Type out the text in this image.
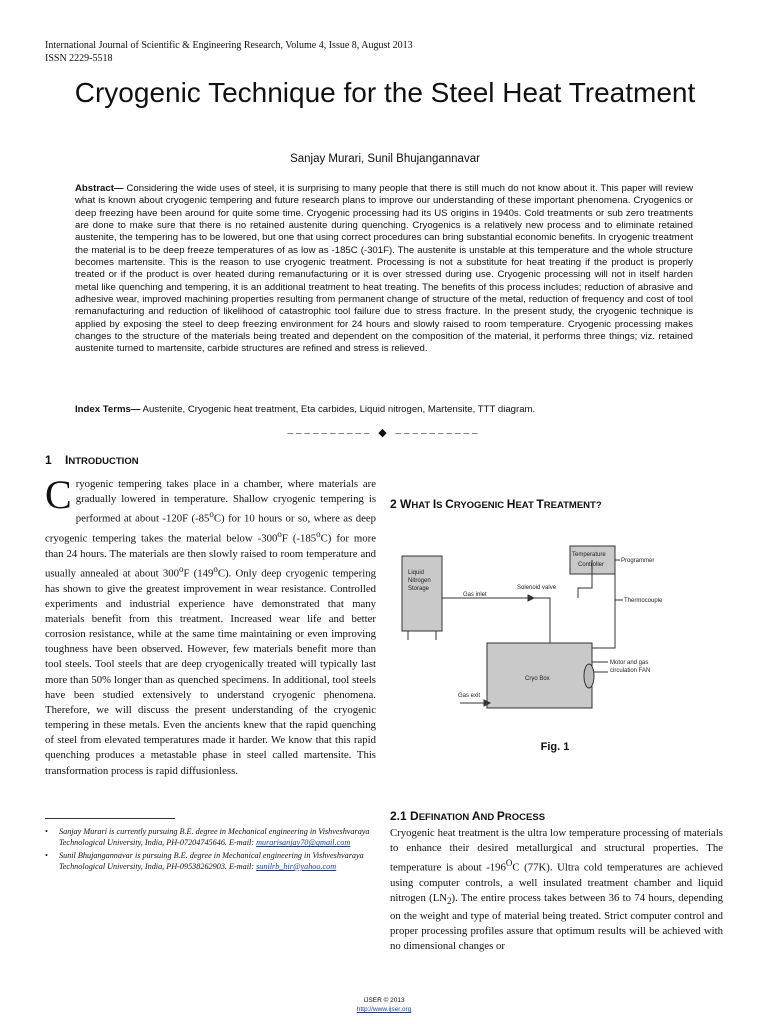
International Journal of Scientific & Engineering Research, Volume 4, Issue 8, August 2013
ISSN 2229-5518
Cryogenic Technique for the Steel Heat Treatment
Sanjay Murari, Sunil Bhujangannavar

Abstract— Considering the wide uses of steel, it is surprising to many people that there is still much do not know about it. This paper will review what is known about cryogenic tempering and future research plans to improve our understanding of these important phenomena. Cryogenics or deep freezing have been around for quite some time. Cryogenic processing had its US origins in 1940s. Cold treatments or sub zero treatments are done to make sure that there is no retained austenite during quenching. Cryogenics is a relatively new process and to eliminate retained austenite, the tempering has to be lowered, but one that using correct procedures can bring substantial economic benefits. In cryogenic treatment the material is to be deep freeze temperatures of as low as -185C (-301F). The austenite is unstable at this temperature and the whole structure becomes martensite. This is the reason to use cryogenic treatment. Processing is not a substitute for heat treating if the product is properly treated or if the product is over heated during remanufacturing or it is over stressed during use. Cryogenic processing will not in itself harden metal like quenching and tempering, it is an additional treatment to heat treating. The benefits of this process includes; reduction of abrasive and adhesive wear, improved machining properties resulting from permanent change of structure of the metal, reduction of frequency and cost of tool remanufacturing and reduction of likelihood of catastrophic tool failure due to stress fracture. In the present study, the cryogenic technique is applied by exposing the steel to deep freezing environment for 24 hours and slowly raised to room temperature. Cryogenic processing makes changes to the structure of the materials being treated and dependent on the composition of the material, it performs three things; viz. retained austenite turned to martensite, carbide structures are refined and stress is relieved.

Index Terms— Austenite, Cryogenic heat treatment, Eta carbides, Liquid nitrogen, Martensite, TTT diagram.

–––––––––– ◆ ––––––––––
1 INTRODUCTION

Cryogenic tempering takes place in a chamber, where materials are gradually lowered in temperature. Shallow cryogenic tempering is performed at about -120F (-85$^o$C) for 10 hours or so, where as deep cryogenic tempering takes the material below -300$^o$F (-185$^o$C) for more than 24 hours. The materials are then slowly raised to room temperature and usually annealed at about 300$^o$F (149$^o$C). Only deep cryogenic tempering has shown to give the greatest improvement in wear resistance. Controlled experiments and industrial experience have demonstrated that many materials benefit from this treatment. Increased wear life and better corrosion resistance, while at the same time maintaining or even improving toughness have been observed. However, few materials benefit more than tool steels. Tool steels that are deep cryogenically treated will typically last more than 50% longer than as quenched specimens. In additional, tool steels have been studied extensively to understand cryogenic phenomena. Therefore, we will discuss the present understanding of the cryogenic tempering in these metals. Even the ancients knew that the rapid quenching of steel from elevated temperatures made it harder. We know that this rapid quenching produces a metastable phase in steel called martensite. This transformation process is rapid diffusionless.

• Sanjay Murari is currently pursuing B.E. degree in Mechanical engineering in Vishveshvaraya Technological University, India, PH-07204745646. E-mail: murarisanjay70@gmail.com
• Sunil Bhujangannavar is pursuing B.E. degree in Mechanical engineering in Vishveshvaraya Technological University, India, PH-09538262903. E-mail: sunilrb_hir@yahoo.com
2 WHAT IS CRYOGENIC HEAT TREATMENT?
Liquid
Nitrogen
Storage
Temperature
Controller
Programmer
Gas inlet
Solenoid valve
Thermocouple
Motor and gas
circulation FAN
Cryo Box
Gas exit
Fig. 1
2.1 DEFINATION AND PROCESS

Cryogenic heat treatment is the ultra low temperature processing of materials to enhance their desired metallurgical and structural properties. The temperature is about $-196^OC$ (77K). Ultra cold temperatures are achieved using computer controls, a well insulated treatment chamber and liquid nitrogen $(LN_2)$. The entire process takes between 36 to 74 hours, depending on the weight and type of material being treated. Strict computer control and proper processing profiles assure that optimum results will be achieved with no dimensional changes or

IJSER © 2013
http://www.ijser.org
